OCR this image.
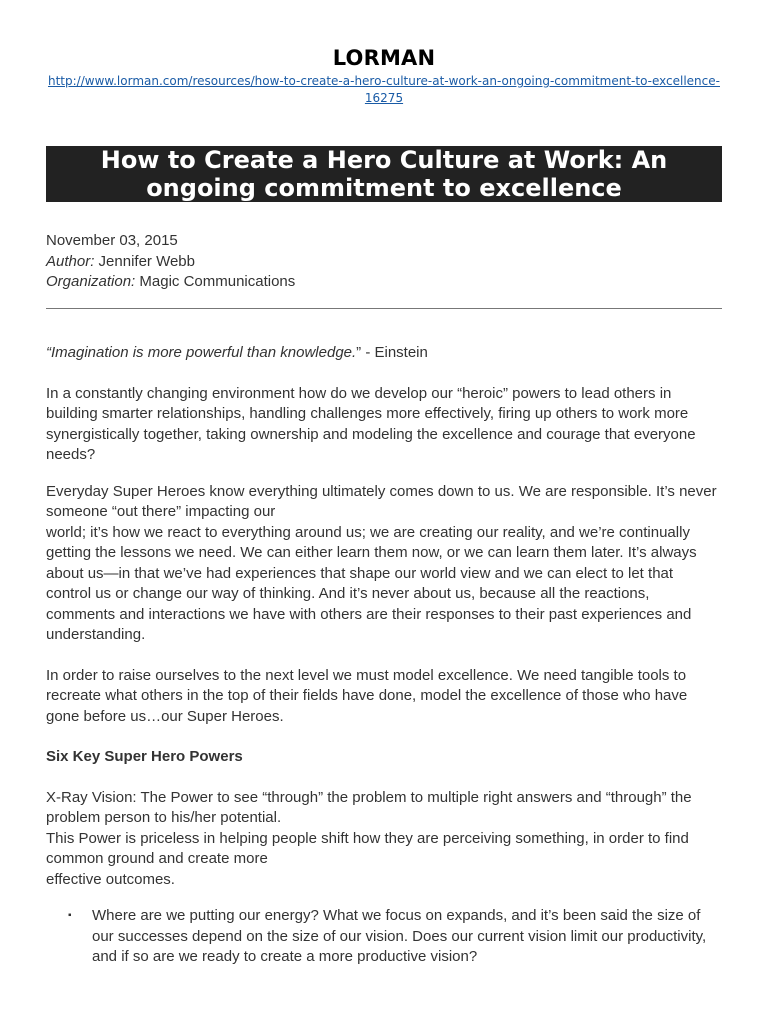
LORMAN
http://www.lorman.com/resources/how-to-create-a-hero-culture-at-work-an-ongoing-commitment-to-excellence-16275
How to Create a Hero Culture at Work: An ongoing commitment to excellence
November 03, 2015
Author: Jennifer Webb
Organization: Magic Communications

“Imagination is more powerful than knowledge.” - Einstein

In a constantly changing environment how do we develop our “heroic” powers to lead others in building smarter relationships, handling challenges more effectively, firing up others to work more synergistically together, taking ownership and modeling the excellence and courage that everyone needs?

Everyday Super Heroes know everything ultimately comes down to us. We are responsible. It’s never someone “out there” impacting our
world; it’s how we react to everything around us; we are creating our reality, and we’re continually getting the lessons we need. We can either learn them now, or we can learn them later. It’s always about us—in that we’ve had experiences that shape our world view and we can elect to let that control us or change our way of thinking. And it’s never about us, because all the reactions, comments and interactions we have with others are their responses to their past experiences and understanding.

In order to raise ourselves to the next level we must model excellence. We need tangible tools to recreate what others in the top of their fields have done, model the excellence of those who have gone before us…our Super Heroes.

Six Key Super Hero Powers

X-Ray Vision: The Power to see “through” the problem to multiple right answers and “through” the problem person to his/her potential.
This Power is priceless in helping people shift how they are perceiving something, in order to find common ground and create more
effective outcomes.

▪ Where are we putting our energy? What we focus on expands, and it’s been said the size of our successes depend on the size of our vision. Does our current vision limit our productivity, and if so are we ready to create a more productive vision?
